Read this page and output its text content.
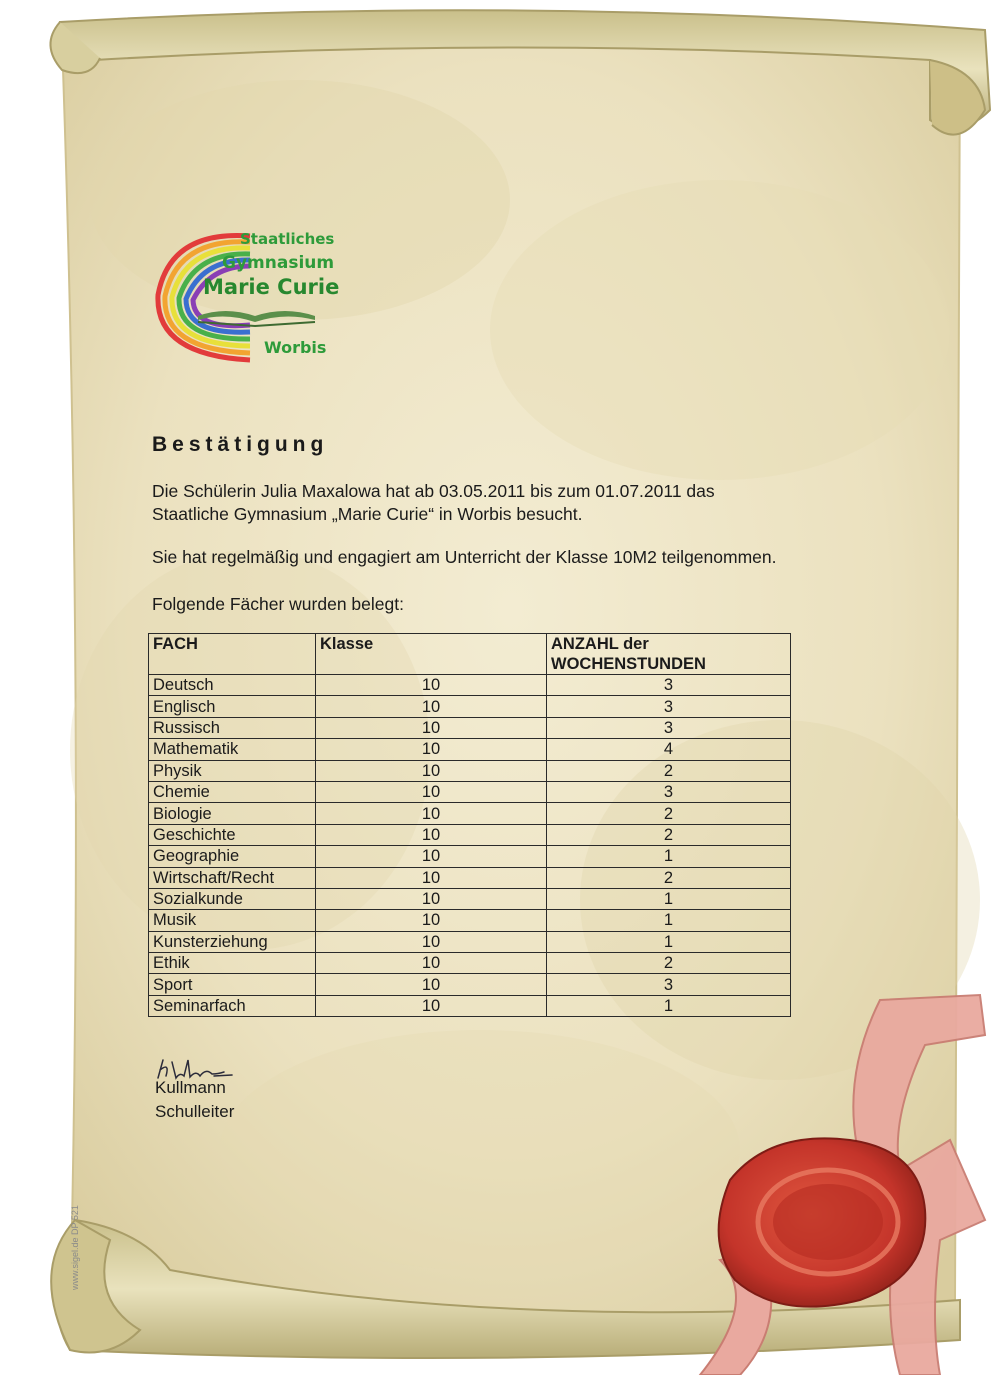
Staatliches
Gymnasium
Marie Curie
Worbis
Bestätigung

Die Schülerin Julia Maxalowa hat ab 03.05.2011 bis zum 01.07.2011 das
Staatliche Gymnasium „Marie Curie“ in Worbis besucht.

Sie hat regelmäßig und engagiert am Unterricht der Klasse 10M2 teilgenommen.

Folgende Fächer wurden belegt:

FACH	Klasse	ANZAHL der
WOCHENSTUNDEN
Deutsch	10	3
Englisch	10	3
Russisch	10	3
Mathematik	10	4
Physik	10	2
Chemie	10	3
Biologie	10	2
Geschichte	10	2
Geographie	10	1
Wirtschaft/Recht	10	2
Sozialkunde	10	1
Musik	10	1
Kunsterziehung	10	1
Ethik	10	2
Sport	10	3
Seminarfach	10	1

Kullmann

Schulleiter

www.sigel.de DP 521
